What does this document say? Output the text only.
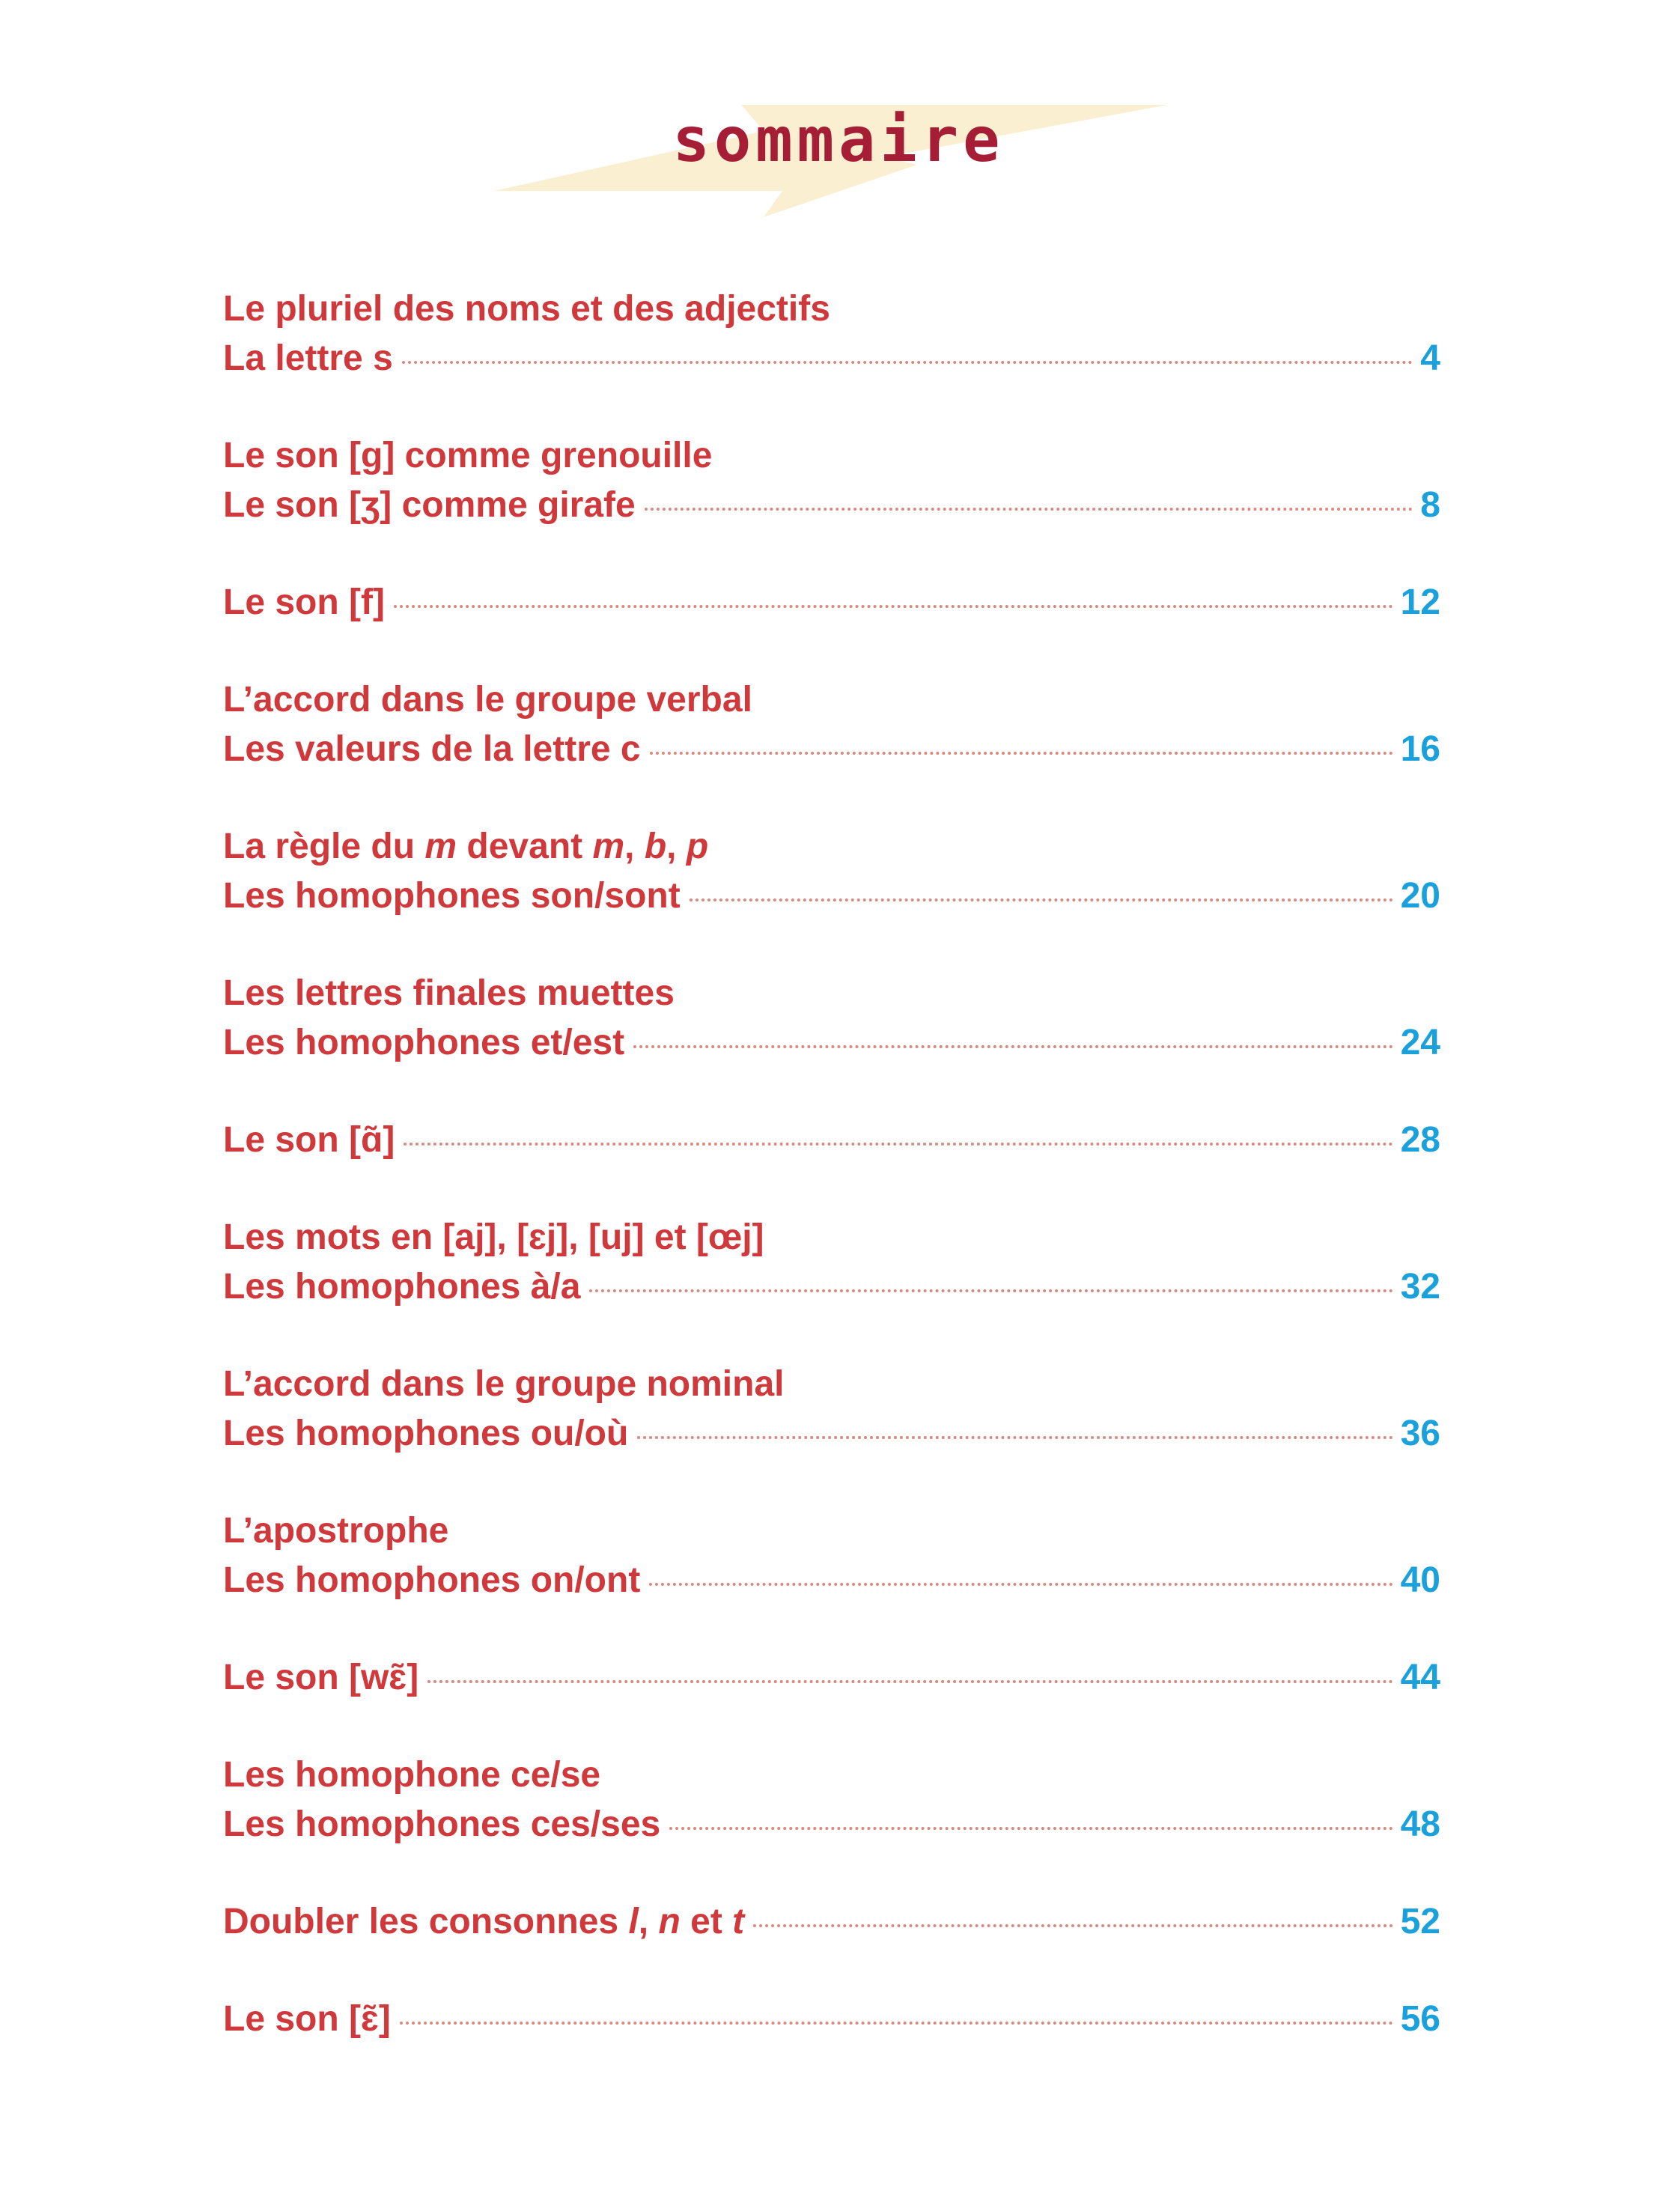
sommaire
Le pluriel des noms et des adjectifs
La lettre s	4
Le son [g] comme grenouille
Le son [ʒ] comme girafe	8
Le son [f]	12
L’accord dans le groupe verbal
Les valeurs de la lettre c	16
La règle du m devant m, b, p
Les homophones son/sont	20
Les lettres finales muettes
Les homophones et/est	24
Le son [ɑ̃]	28
Les mots en [aj], [ɛj], [uj] et [œj]
Les homophones à/a	32
L’accord dans le groupe nominal
Les homophones ou/où	36
L’apostrophe
Les homophones on/ont	40
Le son [wɛ̃]	44
Les homophone ce/se
Les homophones ces/ses	48
Doubler les consonnes l, n et t	52
Le son [ɛ̃]	56
